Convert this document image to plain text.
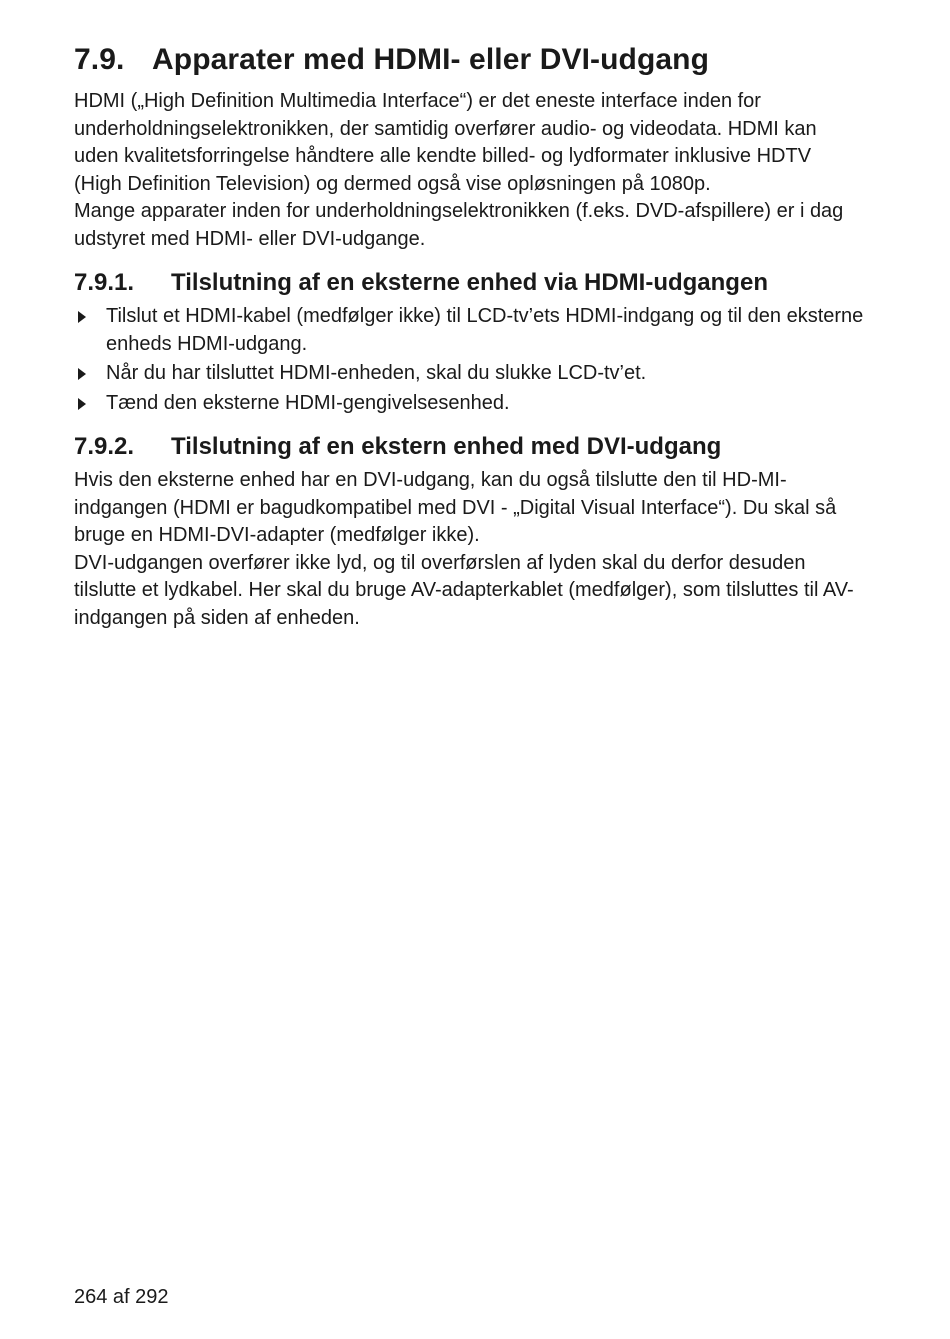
7.9. Apparater med HDMI- eller DVI-udgang

HDMI („High Definition Multimedia Interface“) er det eneste interface inden for underholdningselektronikken, der samtidig overfører audio- og videodata. HDMI kan uden kvalitetsforringelse håndtere alle kendte billed- og lydformater inklusive HDTV (High Definition Television) og dermed også vise opløsningen på 1080p.

Mange apparater inden for underholdningselektronikken (f.eks. DVD-afspillere) er i dag udstyret med HDMI- eller DVI-udgange.

7.9.1. Tilslutning af en eksterne enhed via HDMI-udgangen
Tilslut et HDMI-kabel (medfølger ikke) til LCD-tv’ets HDMI-indgang og til den eksterne enheds HDMI-udgang.
Når du har tilsluttet HDMI-enheden, skal du slukke LCD-tv’et.
Tænd den eksterne HDMI-gengivelsesenhed.
7.9.2. Tilslutning af en ekstern enhed med DVI-udgang

Hvis den eksterne enhed har en DVI-udgang, kan du også tilslutte den til HD-MI-indgangen (HDMI er bagudkompatibel med DVI - „Digital Visual Interface“). Du skal så bruge en HDMI-DVI-adapter (medfølger ikke).

DVI-udgangen overfører ikke lyd, og til overførslen af lyden skal du derfor desuden tilslutte et lydkabel. Her skal du bruge AV-adapterkablet (medfølger), som tilsluttes til AV-indgangen på siden af enheden.

264 af 292
